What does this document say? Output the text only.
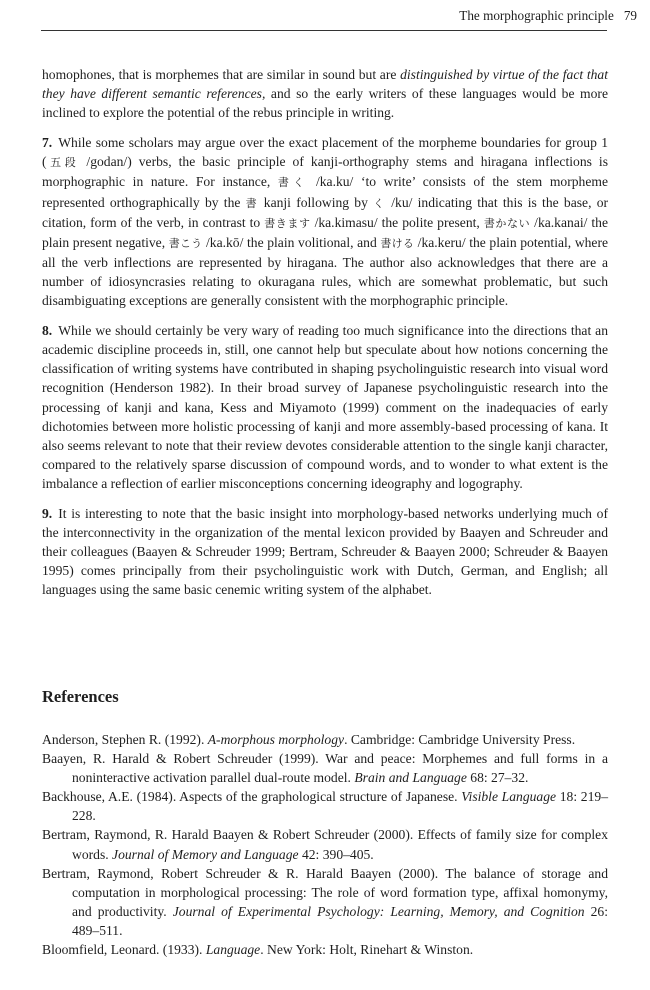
The morphographic principle 79

homophones, that is morphemes that are similar in sound but are distinguished by virtue of the fact that they have different semantic references, and so the early writers of these languages would be more inclined to explore the potential of the rebus principle in writing.

7. While some scholars may argue over the exact placement of the morpheme boundaries for group 1 (五段 /godan/) verbs, the basic principle of kanji-orthography stems and hiragana inflections is morphographic in nature. For instance, 書く /ka.ku/ ‘to write’ consists of the stem morpheme represented orthographically by the 書 kanji following by く /ku/ indicating that this is the base, or citation, form of the verb, in contrast to 書きます /ka.kimasu/ the polite present, 書かない /ka.kanai/ the plain present negative, 書こう /ka.kō/ the plain volitional, and 書ける /ka.keru/ the plain potential, where all the verb inflections are represented by hiragana. The author also acknowledges that there are a number of idiosyncrasies relating to okuragana rules, which are somewhat problematic, but such disambiguating exceptions are generally consistent with the morphographic principle.

8. While we should certainly be very wary of reading too much significance into the directions that an academic discipline proceeds in, still, one cannot help but speculate about how notions concerning the classification of writing systems have contributed in shaping psycholinguistic research into visual word recognition (Henderson 1982). In their broad survey of Japanese psycholinguistic research into the processing of kanji and kana, Kess and Miyamoto (1999) comment on the inadequacies of early dichotomies between more holistic processing of kanji and more assembly-based processing of kana. It also seems relevant to note that their review devotes considerable attention to the single kanji character, compared to the relatively sparse discussion of compound words, and to wonder to what extent is the imbalance a reflection of earlier misconceptions concerning ideography and logography.

9. It is interesting to note that the basic insight into morphology-based networks underlying much of the interconnectivity in the organization of the mental lexicon provided by Baayen and Schreuder and their colleagues (Baayen & Schreuder 1999; Bertram, Schreuder & Baayen 2000; Schreuder & Baayen 1995) comes principally from their psycholinguistic work with Dutch, German, and English; all languages using the same basic cenemic writing system of the alphabet.

References

Anderson, Stephen R. (1992). A-morphous morphology. Cambridge: Cambridge University Press.

Baayen, R. Harald & Robert Schreuder (1999). War and peace: Morphemes and full forms in a noninteractive activation parallel dual-route model. Brain and Language 68: 27–32.

Backhouse, A.E. (1984). Aspects of the graphological structure of Japanese. Visible Language 18: 219–228.

Bertram, Raymond, R. Harald Baayen & Robert Schreuder (2000). Effects of family size for complex words. Journal of Memory and Language 42: 390–405.

Bertram, Raymond, Robert Schreuder & R. Harald Baayen (2000). The balance of storage and computation in morphological processing: The role of word formation type, affixal homonymy, and productivity. Journal of Experimental Psychology: Learning, Memory, and Cognition 26: 489–511.

Bloomfield, Leonard. (1933). Language. New York: Holt, Rinehart & Winston.
